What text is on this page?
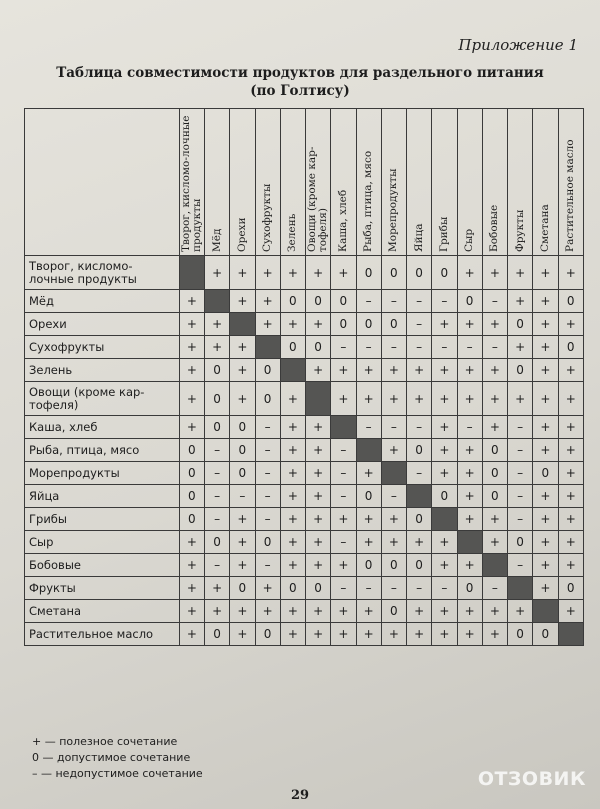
Приложение 1
Таблица совместимости продуктов для раздельного питания
(по Голтису)
	Творог, кисломо-лочные продукты	Мёд	Орехи	Сухофрукты	Зелень	Овощи (кроме кар-тофеля)	Каша, хлеб	Рыба, птица, мясо	Морепродукты	Яйца	Грибы	Сыр	Бобовые	Фрукты	Сметана	Растительное масло
Творог, кисломо-лочные продукты		+	+	+	+	+	+	0	0	0	0	+	+	+	+	+
Мёд	+		+	+	0	0	0	–	–	–	–	0	–	+	+	0
Орехи	+	+		+	+	+	0	0	0	–	+	+	+	0	+	+
Сухофрукты	+	+	+		0	0	–	–	–	–	–	–	–	+	+	0
Зелень	+	0	+	0		+	+	+	+	+	+	+	+	0	+	+
Овощи (кроме кар-тофеля)	+	0	+	0	+		+	+	+	+	+	+	+	+	+	+
Каша, хлеб	+	0	0	–	+	+		–	–	–	+	–	+	–	+	+
Рыба, птица, мясо	0	–	0	–	+	+	–		+	0	+	+	0	–	+	+
Морепродукты	0	–	0	–	+	+	–	+		–	+	+	0	–	0	+
Яйца	0	–	–	–	+	+	–	0	–		0	+	0	–	+	+
Грибы	0	–	+	–	+	+	+	+	+	0		+	+	–	+	+
Сыр	+	0	+	0	+	+	–	+	+	+	+		+	0	+	+
Бобовые	+	–	+	–	+	+	+	0	0	0	+	+		–	+	+
Фрукты	+	+	0	+	0	0	–	–	–	–	–	0	–		+	0
Сметана	+	+	+	+	+	+	+	+	0	+	+	+	+	+		+
Растительное масло	+	0	+	0	+	+	+	+	+	+	+	+	+	0	0	
+ — полезное сочетание
0 — допустимое сочетание
– — недопустимое сочетание
29
ОТЗОВИК
